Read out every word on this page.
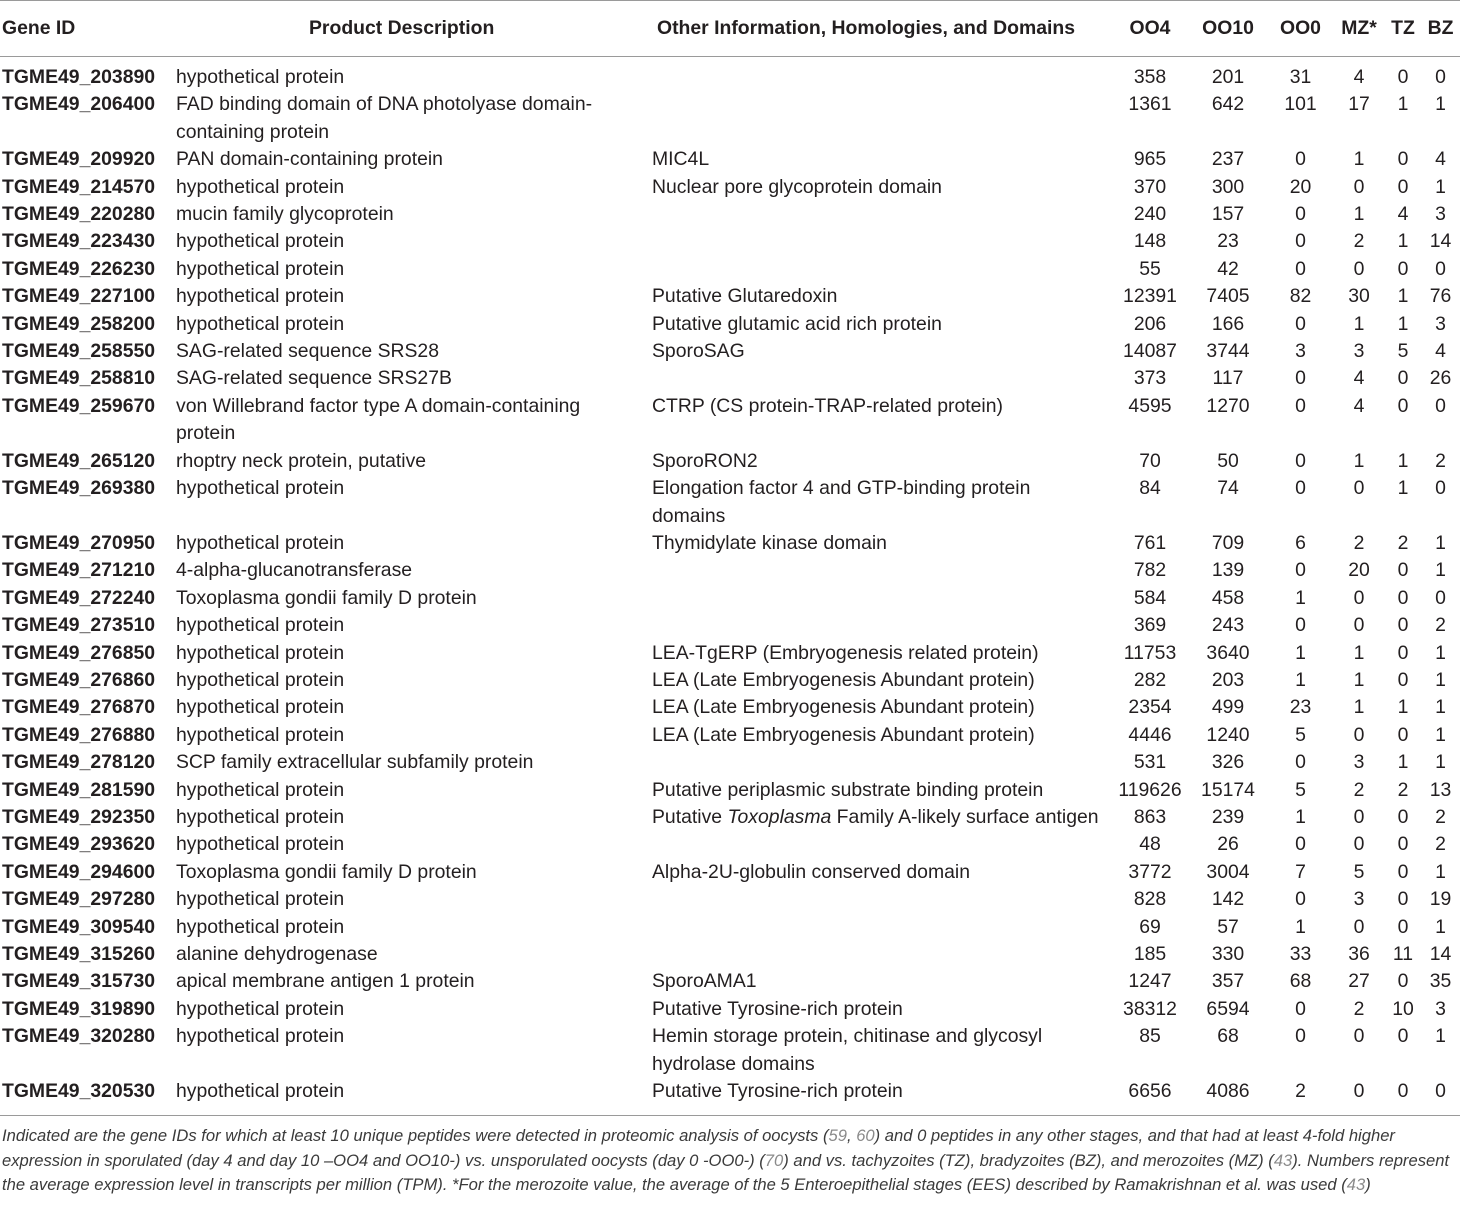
Gene ID	Product Description	Other Information, Homologies, and Domains	OO4	OO10	OO0	MZ*	TZ	BZ
TGME49_203890	hypothetical protein		358	201	31	4	0	0
TGME49_206400	FAD binding domain of DNA photolyase domain-containing protein		1361	642	101	17	1	1
TGME49_209920	PAN domain-containing protein	MIC4L	965	237	0	1	0	4
TGME49_214570	hypothetical protein	Nuclear pore glycoprotein domain	370	300	20	0	0	1
TGME49_220280	mucin family glycoprotein		240	157	0	1	4	3
TGME49_223430	hypothetical protein		148	23	0	2	1	14
TGME49_226230	hypothetical protein		55	42	0	0	0	0
TGME49_227100	hypothetical protein	Putative Glutaredoxin	12391	7405	82	30	1	76
TGME49_258200	hypothetical protein	Putative glutamic acid rich protein	206	166	0	1	1	3
TGME49_258550	SAG-related sequence SRS28	SporoSAG	14087	3744	3	3	5	4
TGME49_258810	SAG-related sequence SRS27B		373	117	0	4	0	26
TGME49_259670	von Willebrand factor type A domain-containing protein	CTRP (CS protein-TRAP-related protein)	4595	1270	0	4	0	0
TGME49_265120	rhoptry neck protein, putative	SporoRON2	70	50	0	1	1	2
TGME49_269380	hypothetical protein	Elongation factor 4 and GTP-binding protein domains	84	74	0	0	1	0
TGME49_270950	hypothetical protein	Thymidylate kinase domain	761	709	6	2	2	1
TGME49_271210	4-alpha-glucanotransferase		782	139	0	20	0	1
TGME49_272240	Toxoplasma gondii family D protein		584	458	1	0	0	0
TGME49_273510	hypothetical protein		369	243	0	0	0	2
TGME49_276850	hypothetical protein	LEA-TgERP (Embryogenesis related protein)	11753	3640	1	1	0	1
TGME49_276860	hypothetical protein	LEA (Late Embryogenesis Abundant protein)	282	203	1	1	0	1
TGME49_276870	hypothetical protein	LEA (Late Embryogenesis Abundant protein)	2354	499	23	1	1	1
TGME49_276880	hypothetical protein	LEA (Late Embryogenesis Abundant protein)	4446	1240	5	0	0	1
TGME49_278120	SCP family extracellular subfamily protein		531	326	0	3	1	1
TGME49_281590	hypothetical protein	Putative periplasmic substrate binding protein	119626	15174	5	2	2	13
TGME49_292350	hypothetical protein	Putative Toxoplasma Family A-likely surface antigen	863	239	1	0	0	2
TGME49_293620	hypothetical protein		48	26	0	0	0	2
TGME49_294600	Toxoplasma gondii family D protein	Alpha-2U-globulin conserved domain	3772	3004	7	5	0	1
TGME49_297280	hypothetical protein		828	142	0	3	0	19
TGME49_309540	hypothetical protein		69	57	1	0	0	1
TGME49_315260	alanine dehydrogenase		185	330	33	36	11	14
TGME49_315730	apical membrane antigen 1 protein	SporoAMA1	1247	357	68	27	0	35
TGME49_319890	hypothetical protein	Putative Tyrosine-rich protein	38312	6594	0	2	10	3
TGME49_320280	hypothetical protein	Hemin storage protein, chitinase and glycosyl hydrolase domains	85	68	0	0	0	1
TGME49_320530	hypothetical protein	Putative Tyrosine-rich protein	6656	4086	2	0	0	0
Indicated are the gene IDs for which at least 10 unique peptides were detected in proteomic analysis of oocysts (59, 60) and 0 peptides in any other stages, and that had at least 4-fold higher expression in sporulated (day 4 and day 10 –OO4 and OO10-) vs. unsporulated oocysts (day 0 -OO0-) (70) and vs. tachyzoites (TZ), bradyzoites (BZ), and merozoites (MZ) (43). Numbers represent the average expression level in transcripts per million (TPM). *For the merozoite value, the average of the 5 Enteroepithelial stages (EES) described by Ramakrishnan et al. was used (43)
